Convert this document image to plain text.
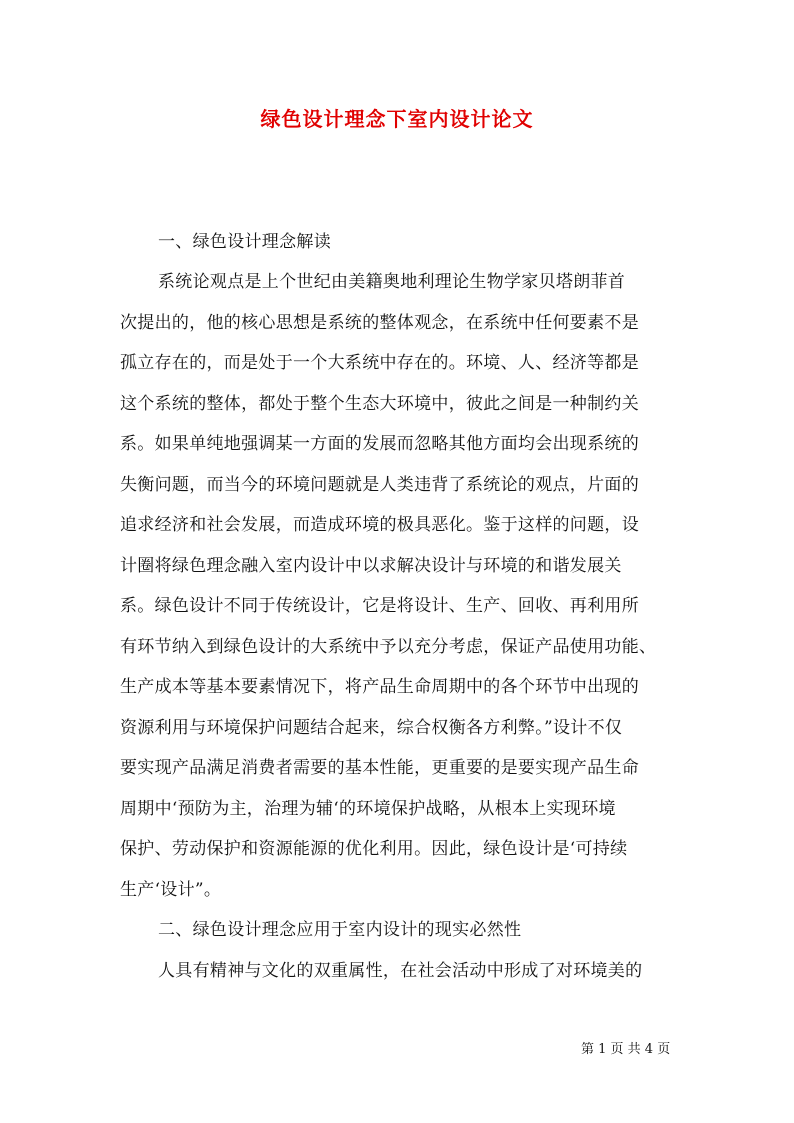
绿色设计理念下室内设计论文
一、绿色设计理念解读
系统论观点是上个世纪由美籍奥地利理论生物学家贝塔朗菲首
次提出的，他的核心思想是系统的整体观念，在系统中任何要素不是
孤立存在的，而是处于一个大系统中存在的。环境、人、经济等都是
这个系统的整体，都处于整个生态大环境中，彼此之间是一种制约关
系。如果单纯地强调某一方面的发展而忽略其他方面均会出现系统的
失衡问题，而当今的环境问题就是人类违背了系统论的观点，片面的
追求经济和社会发展，而造成环境的极具恶化。鉴于这样的问题，设
计圈将绿色理念融入室内设计中以求解决设计与环境的和谐发展关
系。绿色设计不同于传统设计，它是将设计、生产、回收、再利用所
有环节纳入到绿色设计的大系统中予以充分考虑，保证产品使用功能、
生产成本等基本要素情况下，将产品生命周期中的各个环节中出现的
资源利用与环境保护问题结合起来，综合权衡各方利弊。”设计不仅
要实现产品满足消费者需要的基本性能，更重要的是要实现产品生命
周期中‘预防为主，治理为辅‘的环境保护战略，从根本上实现环境
保护、劳动保护和资源能源的优化利用。因此，绿色设计是‘可持续
生产‘设计”。
二、绿色设计理念应用于室内设计的现实必然性
人具有精神与文化的双重属性，在社会活动中形成了对环境美的
第 1 页 共 4 页
